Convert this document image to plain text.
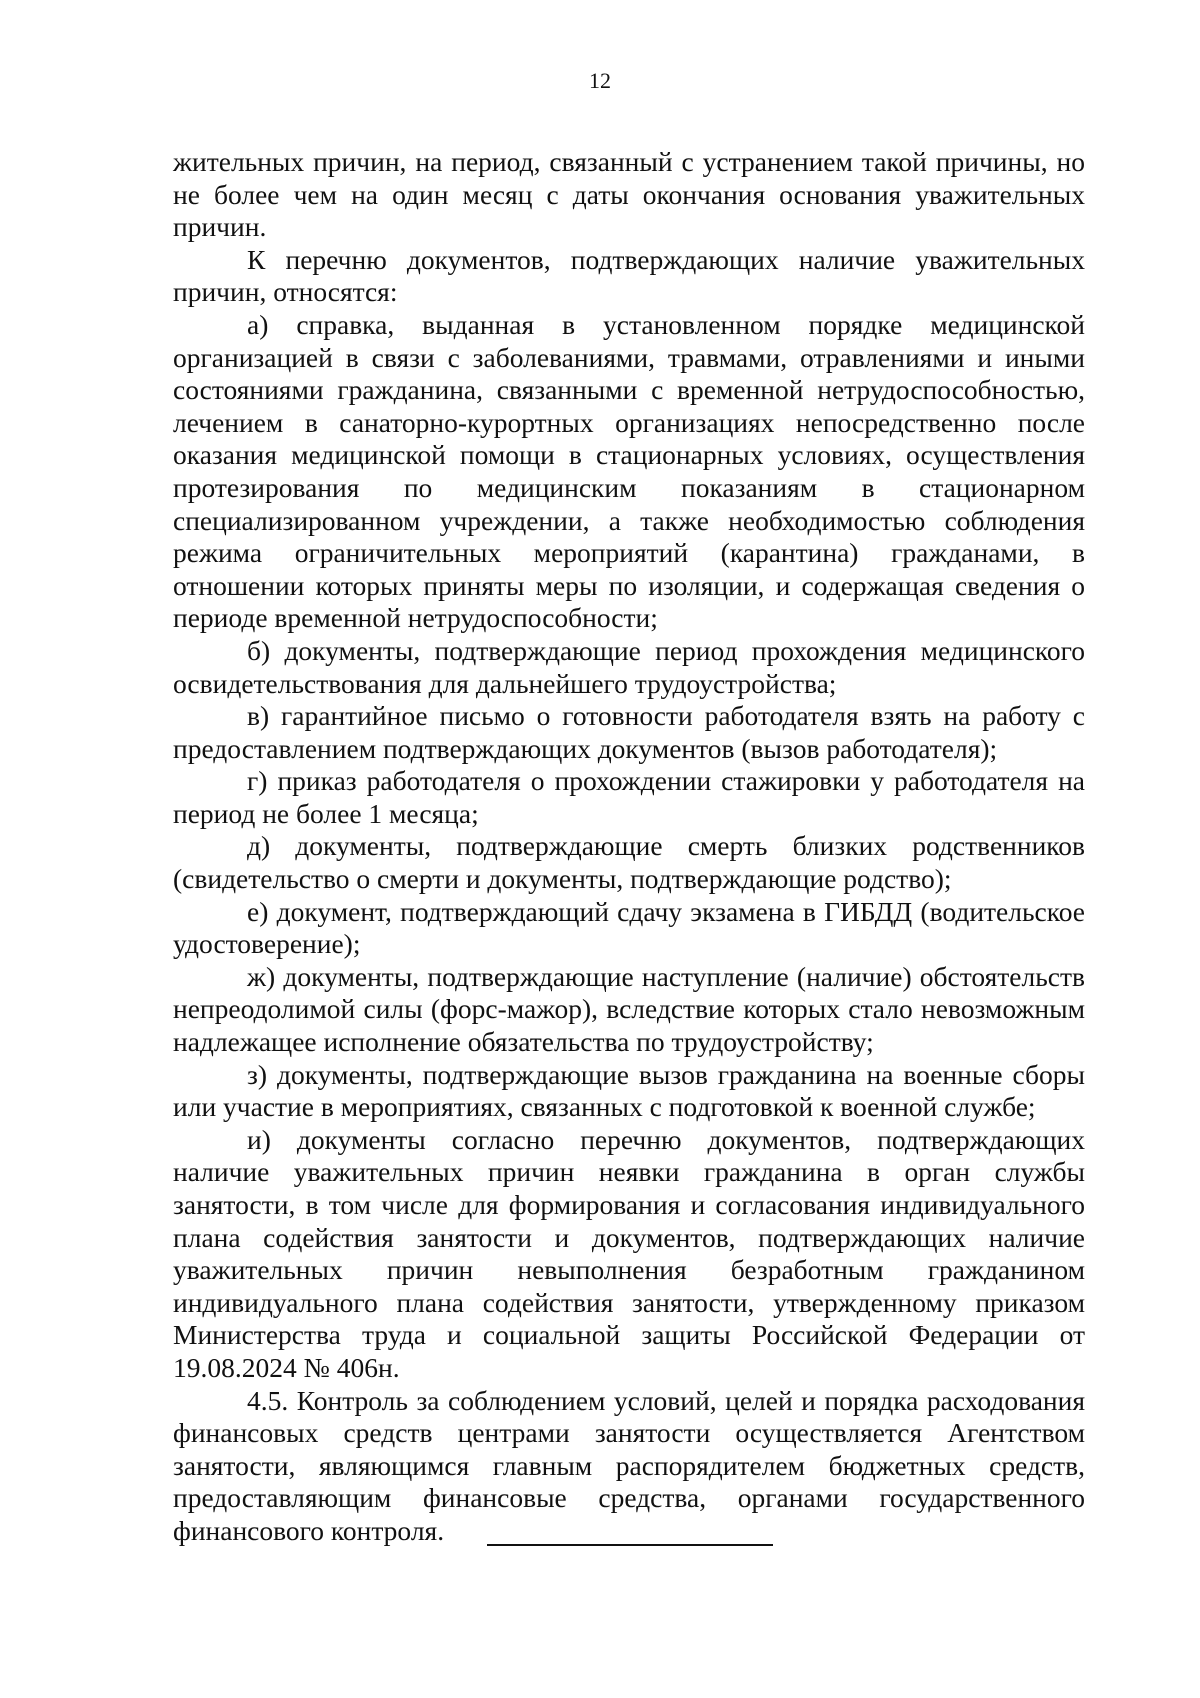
12

жительных причин, на период, связанный с устранением такой причины, но не более чем на один месяц с даты окончания основания уважительных причин.

К перечню документов, подтверждающих наличие уважительных причин, относятся:

а) справка, выданная в установленном порядке медицинской организацией в связи с заболеваниями, травмами, отравлениями и иными состояниями гражданина, связанными с временной нетрудоспособностью, лечением в санаторно-курортных организациях непосредственно после оказания медицинской помощи в стационарных условиях, осуществления протезирования по медицинским показаниям в стационарном специализированном учреждении, а также необходимостью соблюдения режима ограничительных мероприятий (карантина) гражданами, в отношении которых приняты меры по изоляции, и содержащая сведения о периоде временной нетрудоспособности;

б) документы, подтверждающие период прохождения медицинского освидетельствования для дальнейшего трудоустройства;

в) гарантийное письмо о готовности работодателя взять на работу с предоставлением подтверждающих документов (вызов работодателя);

г) приказ работодателя о прохождении стажировки у работодателя на период не более 1 месяца;

д) документы, подтверждающие смерть близких родственников (свидетельство о смерти и документы, подтверждающие родство);

е) документ, подтверждающий сдачу экзамена в ГИБДД (водительское удостоверение);

ж) документы, подтверждающие наступление (наличие) обстоятельств непреодолимой силы (форс-мажор), вследствие которых стало невозможным надлежащее исполнение обязательства по трудоустройству;

з) документы, подтверждающие вызов гражданина на военные сборы или участие в мероприятиях, связанных с подготовкой к военной службе;

и) документы согласно перечню документов, подтверждающих наличие уважительных причин неявки гражданина в орган службы занятости, в том числе для формирования и согласования индивидуального плана содействия занятости и документов, подтверждающих наличие уважительных причин невыполнения безработным гражданином индивидуального плана содействия занятости, утвержденному приказом Министерства труда и социальной защиты Российской Федерации от 19.08.2024 № 406н.

4.5. Контроль за соблюдением условий, целей и порядка расходования финансовых средств центрами занятости осуществляется Агентством занятости, являющимся главным распорядителем бюджетных средств, предоставляющим финансовые средства, органами государственного финансового контроля.
